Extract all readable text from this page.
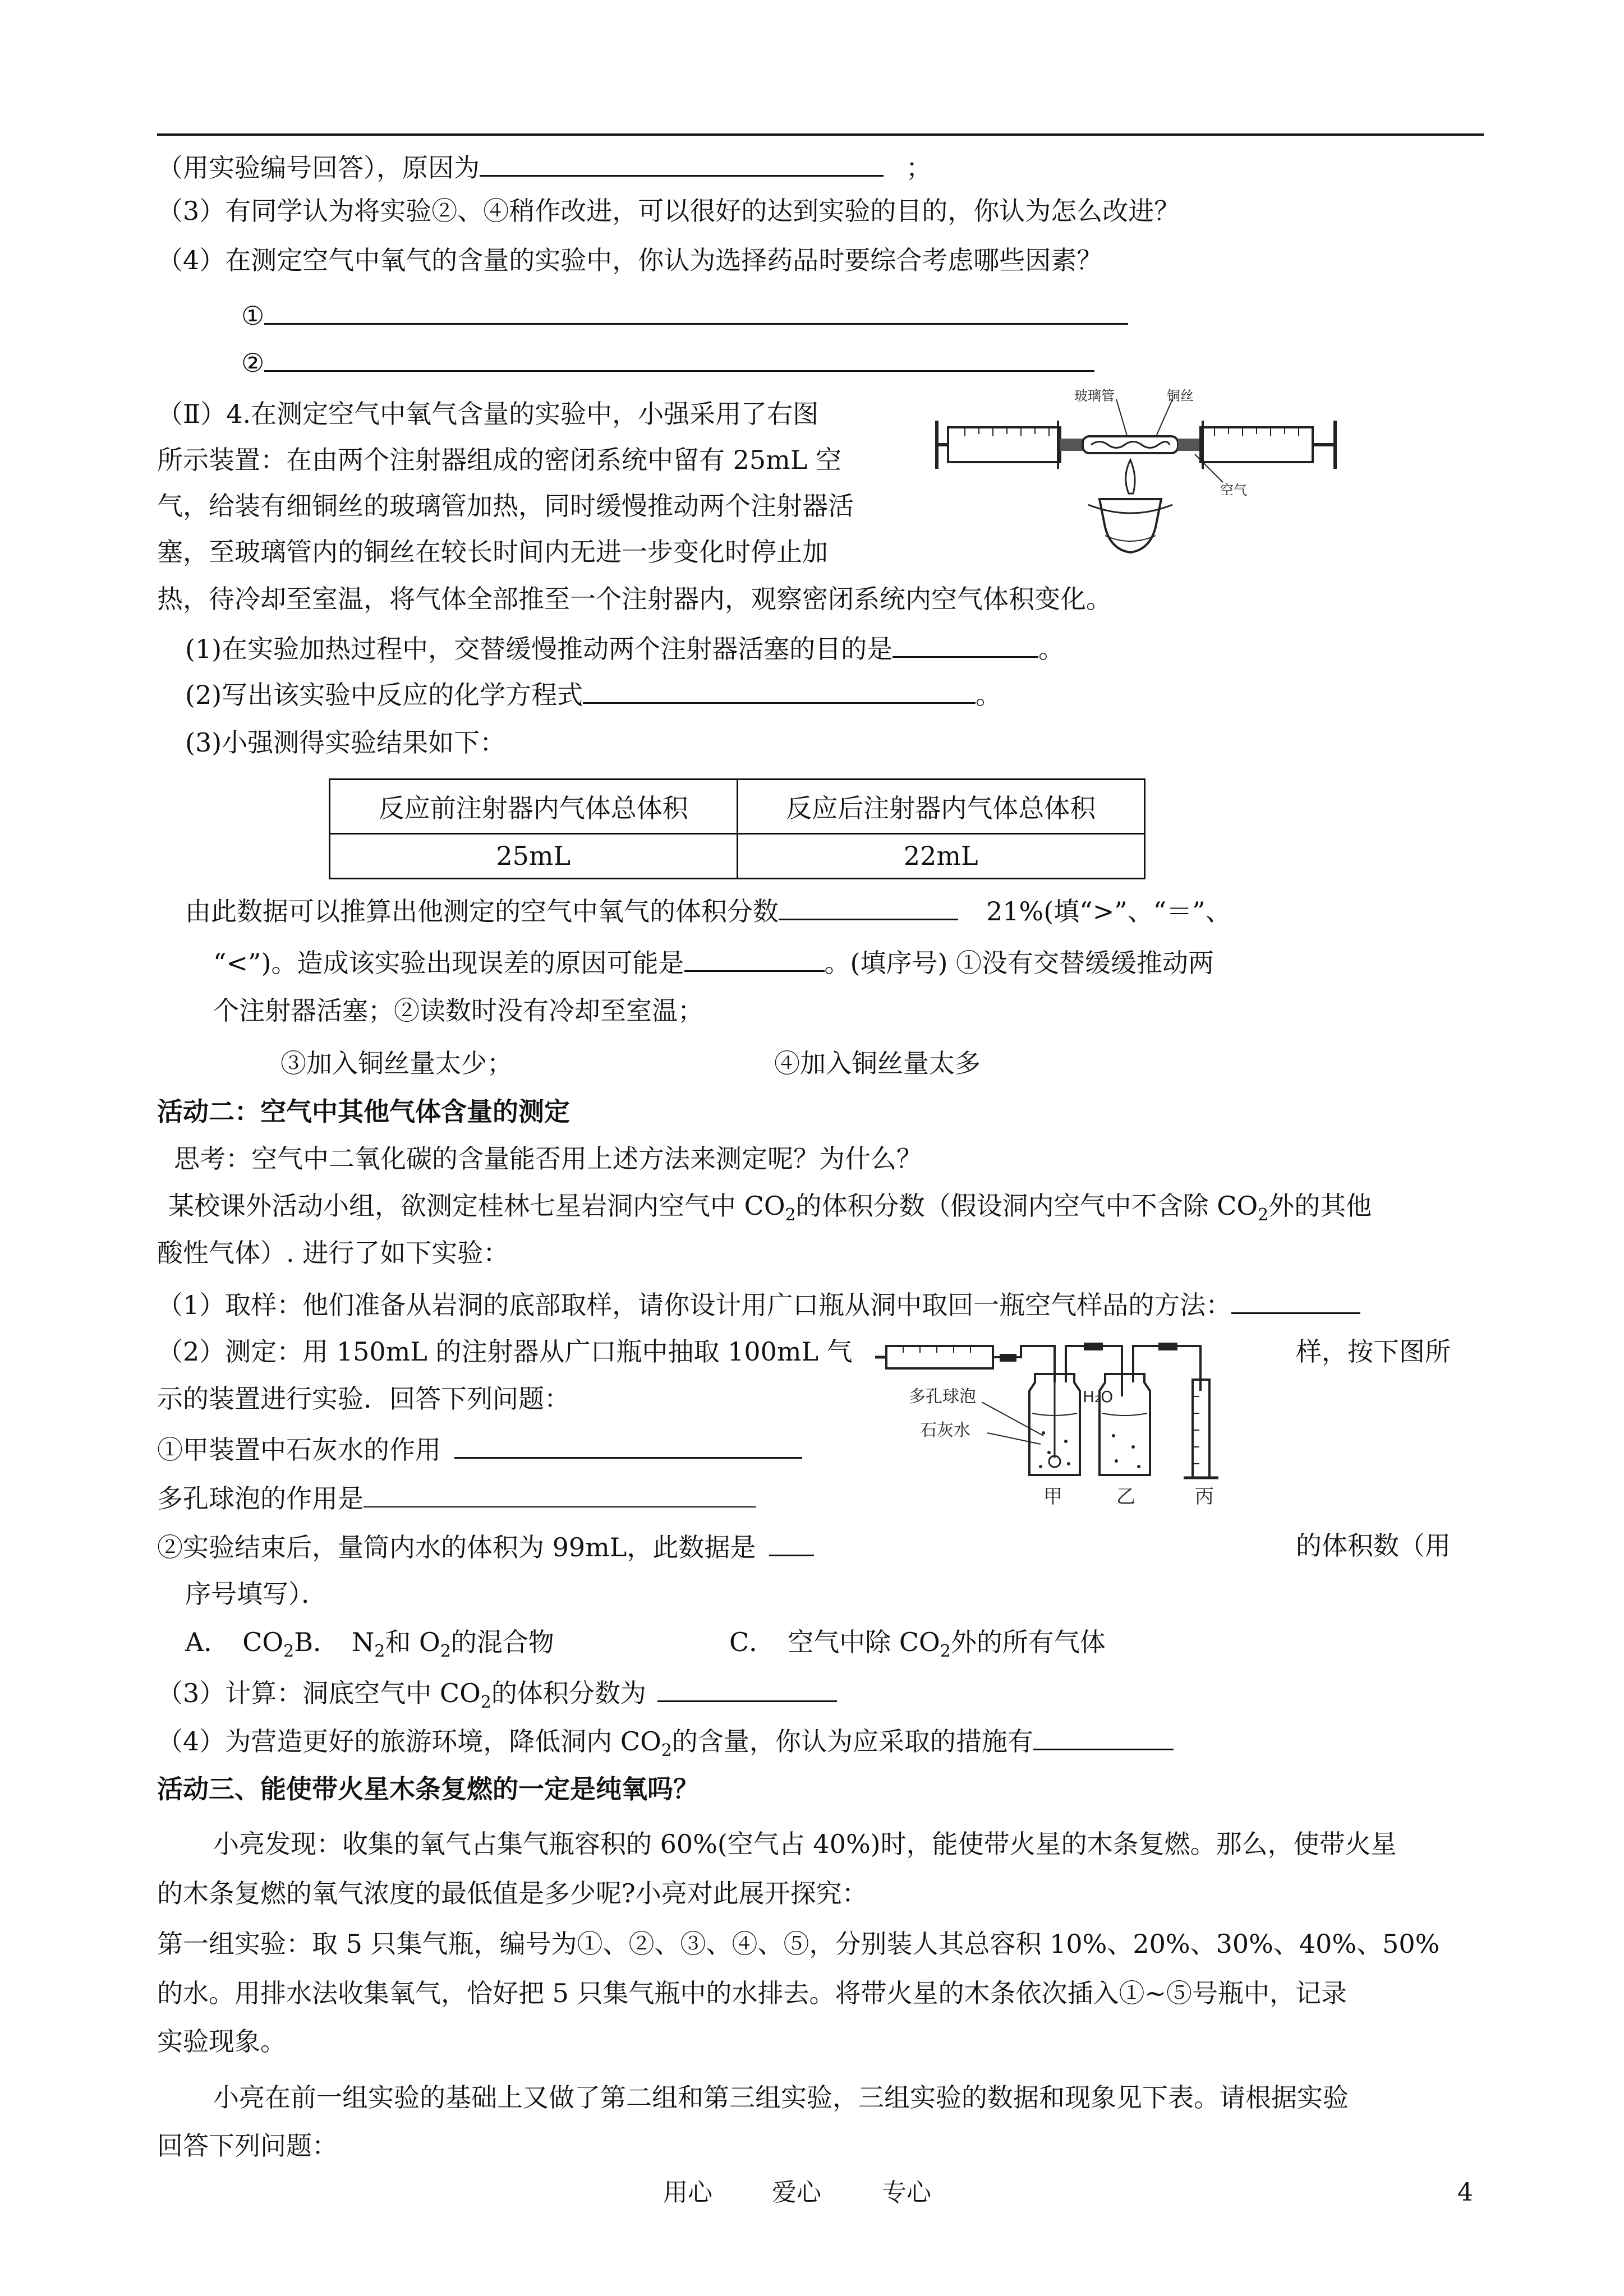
（用实验编号回答），原因为	；
（3）有同学认为将实验②、④稍作改进，可以很好的达到实验的目的，你认为怎么改进？
（4）在测定空气中氧气的含量的实验中，你认为选择药品时要综合考虑哪些因素？
①
②
（Ⅱ）4.在测定空气中氧气含量的实验中，小强采用了右图
所示装置：在由两个注射器组成的密闭系统中留有 25mL 空
气，给装有细铜丝的玻璃管加热，同时缓慢推动两个注射器活
塞，至玻璃管内的铜丝在较长时间内无进一步变化时停止加
热，待冷却至室温，将气体全部推至一个注射器内，观察密闭系统内空气体积变化。
玻璃管	铜丝
空气
(1)在实验加热过程中，交替缓慢推动两个注射器活塞的目的是	。
(2)写出该实验中反应的化学方程式	。
(3)小强测得实验结果如下：
反应前注射器内气体总体积	反应后注射器内气体总体积
25mL	22mL
由此数据可以推算出他测定的空气中氧气的体积分数	21%(填“>”、“＝”、
“<”)。造成该实验出现误差的原因可能是	。(填序号) ①没有交替缓缓推动两
个注射器活塞；②读数时没有冷却至室温；
③加入铜丝量太少；	④加入铜丝量太多
活动二：空气中其他气体含量的测定
思考：空气中二氧化碳的含量能否用上述方法来测定呢？为什么？
某校课外活动小组，欲测定桂林七星岩洞内空气中 $CO_2$的体积分数（假设洞内空气中不含除 $CO_2$外的其他
酸性气体）. 进行了如下实验：
（1）取样：他们准备从岩洞的底部取样，请你设计用广口瓶从洞中取回一瓶空气样品的方法：
（2）测定：用 150mL 的注射器从广口瓶中抽取 100mL 气	样，按下图所
示的装置进行实验．回答下列问题：
①甲装置中石灰水的作用
多孔球泡的作用是
②实验结束后，量筒内水的体积为 99mL，此数据是	的体积数（用
序号填写）．
多孔球泡
石灰水
H₂O
甲	乙	丙
A．　$CO_2B$．　$N_2$和 $O_2$的混合物	C．　空气中除 $CO_2$外的所有气体
（3）计算：洞底空气中 $CO_2$的体积分数为
（4）为营造更好的旅游环境，降低洞内 $CO_2$的含量，你认为应采取的措施有
活动三、能使带火星木条复燃的一定是纯氧吗？
小亮发现：收集的氧气占集气瓶容积的 60%(空气占 40%)时，能使带火星的木条复燃。那么，使带火星
的木条复燃的氧气浓度的最低值是多少呢?小亮对此展开探究：
第一组实验：取 5 只集气瓶，编号为①、②、③、④、⑤，分别装人其总容积 10%、20%、30%、40%、50%
的水。用排水法收集氧气，恰好把 5 只集气瓶中的水排去。将带火星的木条依次插入①~⑤号瓶中，记录
实验现象。
小亮在前一组实验的基础上又做了第二组和第三组实验，三组实验的数据和现象见下表。请根据实验
回答下列问题：
用心 爱心 专心	4
